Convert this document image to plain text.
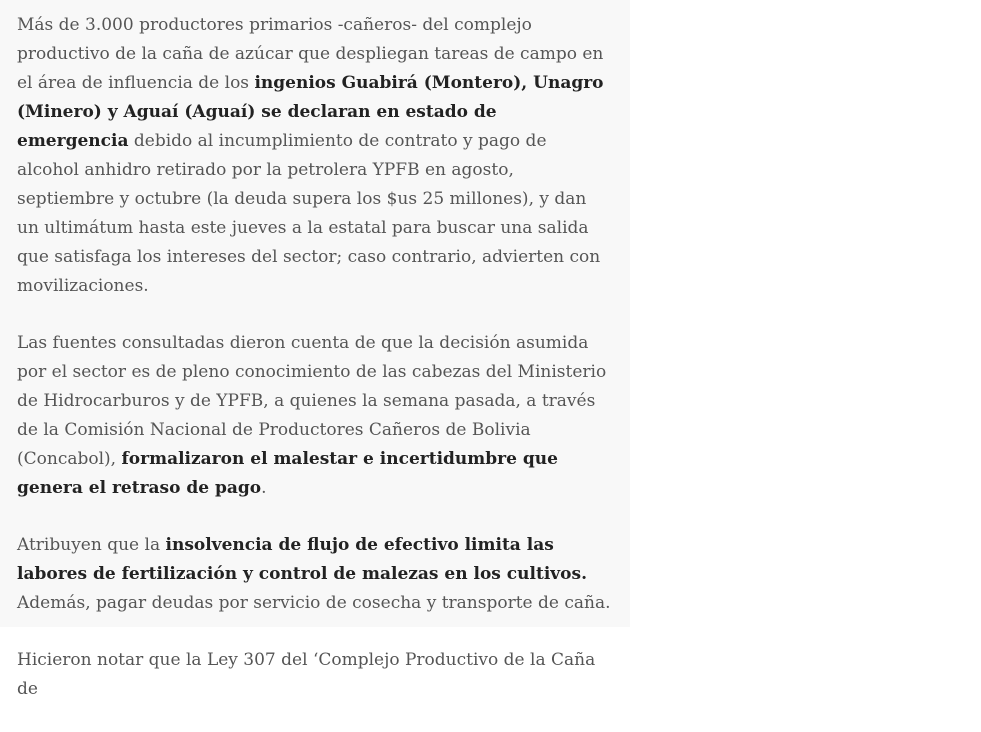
Más de 3.000 productores primarios -cañeros- del complejo productivo de la caña de azúcar que despliegan tareas de campo en el área de influencia de los ingenios Guabirá (Montero), Unagro (Minero) y Aguaí (Aguaí) se declaran en estado de emergencia debido al incumplimiento de contrato y pago de alcohol anhidro retirado por la petrolera YPFB en agosto, septiembre y octubre (la deuda supera los $us 25 millones), y dan un ultimátum hasta este jueves a la estatal para buscar una salida que satisfaga los intereses del sector; caso contrario, advierten con movilizaciones.

Las fuentes consultadas dieron cuenta de que la decisión asumida por el sector es de pleno conocimiento de las cabezas del Ministerio de Hidrocarburos y de YPFB, a quienes la semana pasada, a través de la Comisión Nacional de Productores Cañeros de Bolivia (Concabol), formalizaron el malestar e incertidumbre que genera el retraso de pago.

Atribuyen que la insolvencia de flujo de efectivo limita las labores de fertilización y control de malezas en los cultivos. Además, pagar deudas por servicio de cosecha y transporte de caña.

Hicieron notar que la Ley 307 del ‘Complejo Productivo de la Caña de
